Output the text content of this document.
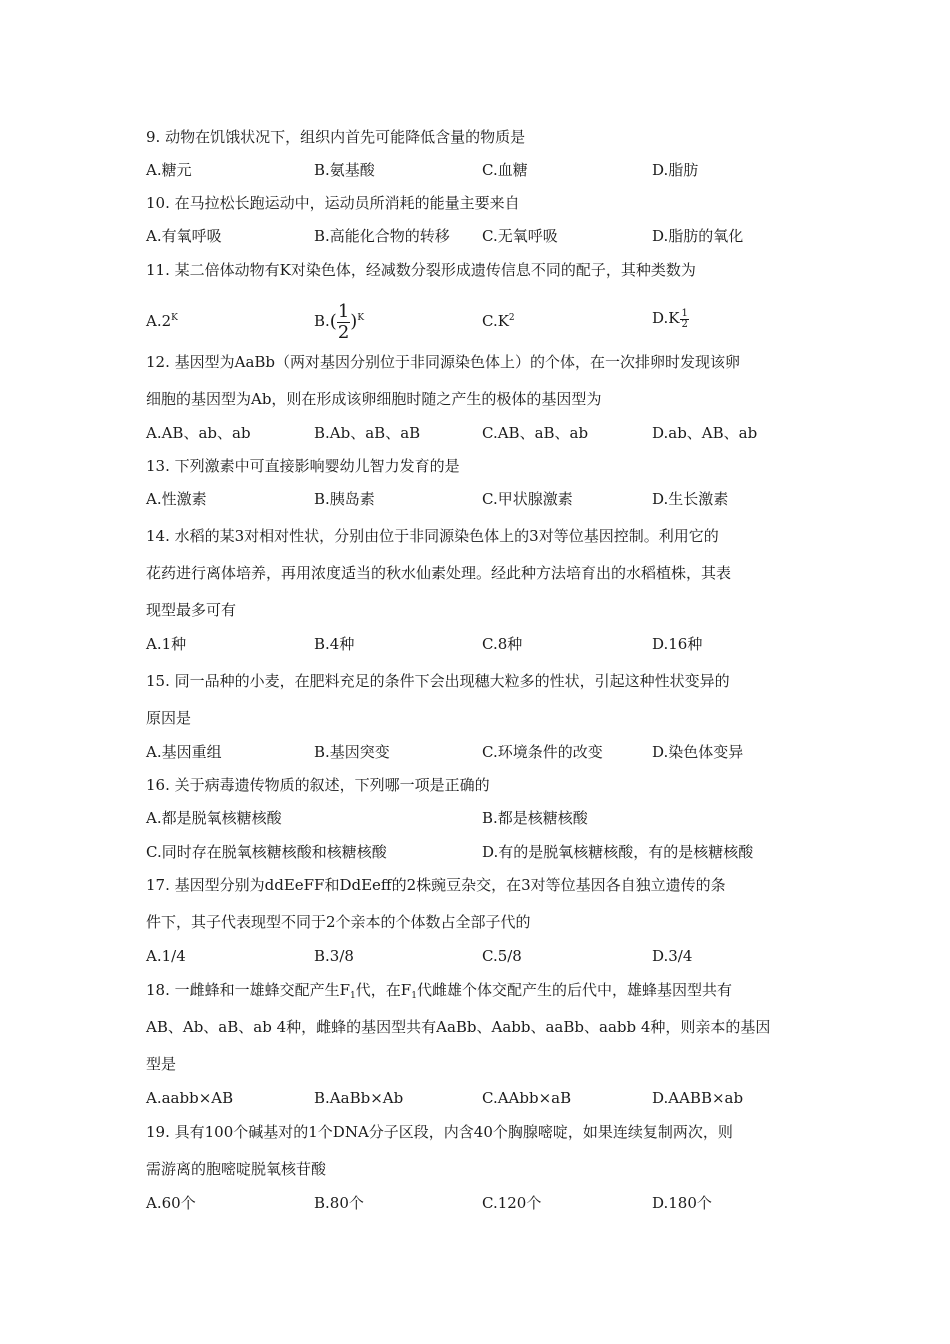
9. 动物在饥饿状况下，组织内首先可能降低含量的物质是
A.糖元	B.氨基酸	C.血糖	D.脂肪
10. 在马拉松长跑运动中，运动员所消耗的能量主要来自
A.有氧呼吸	B.高能化合物的转移 C.无氧呼吸	D.脂肪的氧化
11. 某二倍体动物有K对染色体，经减数分裂形成遗传信息不同的配子，其种类数为
$A.2^K$	$B.( \frac{1}{2} )^K$	$C.K^2$	$D.K \frac{1}{2}$
12. 基因型为AaBb（两对基因分别位于非同源染色体上）的个体，在一次排卵时发现该卵
细胞的基因型为Ab，则在形成该卵细胞时随之产生的极体的基因型为
A.AB、ab、ab	B.Ab、aB、aB	C.AB、aB、ab	D.ab、AB、ab
13. 下列激素中可直接影响婴幼儿智力发育的是
A.性激素	B.胰岛素	C.甲状腺激素	D.生长激素
14. 水稻的某3对相对性状，分别由位于非同源染色体上的3对等位基因控制。利用它的
花药进行离体培养，再用浓度适当的秋水仙素处理。经此种方法培育出的水稻植株，其表
现型最多可有
A.1种	B.4种	C.8种	D.16种
15. 同一品种的小麦，在肥料充足的条件下会出现穗大粒多的性状，引起这种性状变异的
原因是
A.基因重组	B.基因突变	C.环境条件的改变	D.染色体变异
16. 关于病毒遗传物质的叙述，下列哪一项是正确的
A.都是脱氧核糖核酸	B.都是核糖核酸
C.同时存在脱氧核糖核酸和核糖核酸	D.有的是脱氧核糖核酸，有的是核糖核酸
17. 基因型分别为ddEeFF和DdEeff的2株豌豆杂交，在3对等位基因各自独立遗传的条
件下，其子代表现型不同于2个亲本的个体数占全部子代的
A.1/4	B.3/8	C.5/8	D.3/4
18. 一雌蜂和一雄蜂交配产生$F_1$代，在$F_1$代雌雄个体交配产生的后代中，雄蜂基因型共有
AB、Ab、aB、ab 4种，雌蜂的基因型共有AaBb、Aabb、aaBb、aabb 4种，则亲本的基因
型是
A.aabb×AB	B.AaBb×Ab	C.AAbb×aB	D.AABB×ab
19. 具有100个碱基对的1个DNA分子区段，内含40个胸腺嘧啶，如果连续复制两次，则
需游离的胞嘧啶脱氧核苷酸
A.60个	B.80个	C.120个	D.180个
